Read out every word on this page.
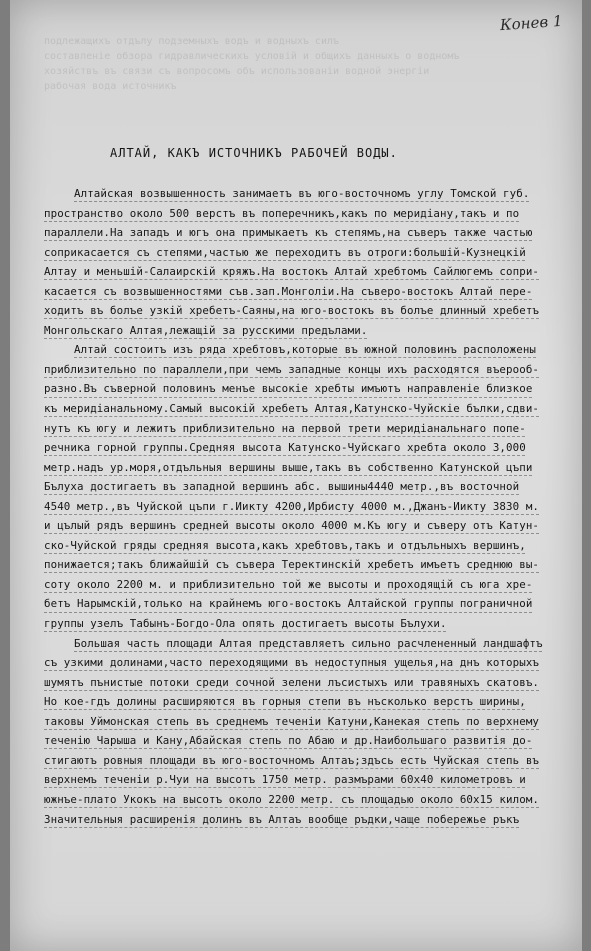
подлежащихъ отдълу подземныхъ водъ и водныхъ силъ
составленіе обзора гидравлическихъ условій и общихъ данныхъ о водномъ
хозяйствъ въ связи съ вопросомъ объ использованіи водной энергіи
рабочая вода источникъ
Конев 1
АЛТАЙ, КАКЪ ИСТОЧНИКЪ РАБОЧЕЙ ВОДЫ.
Алтайская возвышенность занимаетъ въ юго-восточномъ углу Томской губ.
пространство около 500 верстъ въ поперечникъ,какъ по меридіану,такъ и по
параллели.На западъ и югъ она примыкаетъ къ степямъ,на съверъ также частью
соприкасается съ степями,частью же переходитъ въ отроги:большій-Кузнецкій
Алтау и меньшій-Салаирскій кряжъ.На востокъ Алтай хребтомъ Сайлюгемъ сопри-
касается съ возвышенностями съв.зап.Монголіи.На съверо-востокъ Алтай пере-
ходитъ въ болъе узкій хребетъ-Саяны,на юго-востокъ въ болъе длинный хребетъ
Монгольскаго Алтая,лежащій за русскими предълами.
Алтай состоитъ изъ ряда хребтовъ,которые въ южной половинъ расположены
приблизительно по параллели,при чемъ западные концы ихъ расходятся въерооб-
разно.Въ съверной половинъ менъе высокіе хребты имъютъ направленіе близкое
къ меридіанальному.Самый высокій хребетъ Алтая,Катунско-Чуйскіе бълки,сдви-
нутъ къ югу и лежитъ приблизительно на первой трети меридіанальнаго попе-
речника горной группы.Средняя высота Катунско-Чуйскаго хребта около 3,000
метр.надъ ур.моря,отдъльныя вершины выше,такъ въ собственно Катунской цъпи
Бълуха достигаетъ въ западной вершинъ абс. вышины4440 метр.,въ восточной
4540 метр.,въ Чуйской цъпи г.Иикту 4200,Ирбисту 4000 м.,Джанъ-Иикту 3830 м.
и цълый рядъ вершинъ средней высоты около 4000 м.Къ югу и съверу отъ Катун-
ско-Чуйской гряды средняя высота,какъ хребтовъ,такъ и отдъльныхъ вершинъ,
понижается;такъ ближайшій съ съвера Теректинскій хребетъ имъетъ среднюю вы-
соту около 2200 м. и приблизительно той же высоты и проходящій съ юга хре-
бетъ Нарымскій,только на крайнемъ юго-востокъ Алтайской группы пограничной
группы узелъ Табынъ-Богдо-Ола опять достигаетъ высоты Бълухи.
Большая часть площади Алтая представляетъ сильно расчлененный ландшафтъ
съ узкими долинами,часто переходящими въ недоступныя ущелья,на днъ которыхъ
шумятъ пънистые потоки среди сочной зелени лъсистыхъ или травяныхъ скатовъ.
Но кое-гдъ долины расширяются въ горныя степи въ нъсколько верстъ ширины,
таковы Уймонская степь въ среднемъ теченіи Катуни,Канекая степь по верхнему
теченію Чарыша и Кану,Абайская степь по Абаю и др.Наибольшаго развитія до-
стигаютъ ровныя площади въ юго-восточномъ Алтаъ;здъсь есть Чуйская степь въ
верхнемъ теченіи р.Чуи на высотъ 1750 метр. размърами 60x40 километровъ и
южнъе-плато Укокъ на высотъ около 2200 метр. съ площадью около 60x15 килом.
Значительныя расширенія долинъ въ Алтаъ вообще ръдки,чаще побережье ръкъ
